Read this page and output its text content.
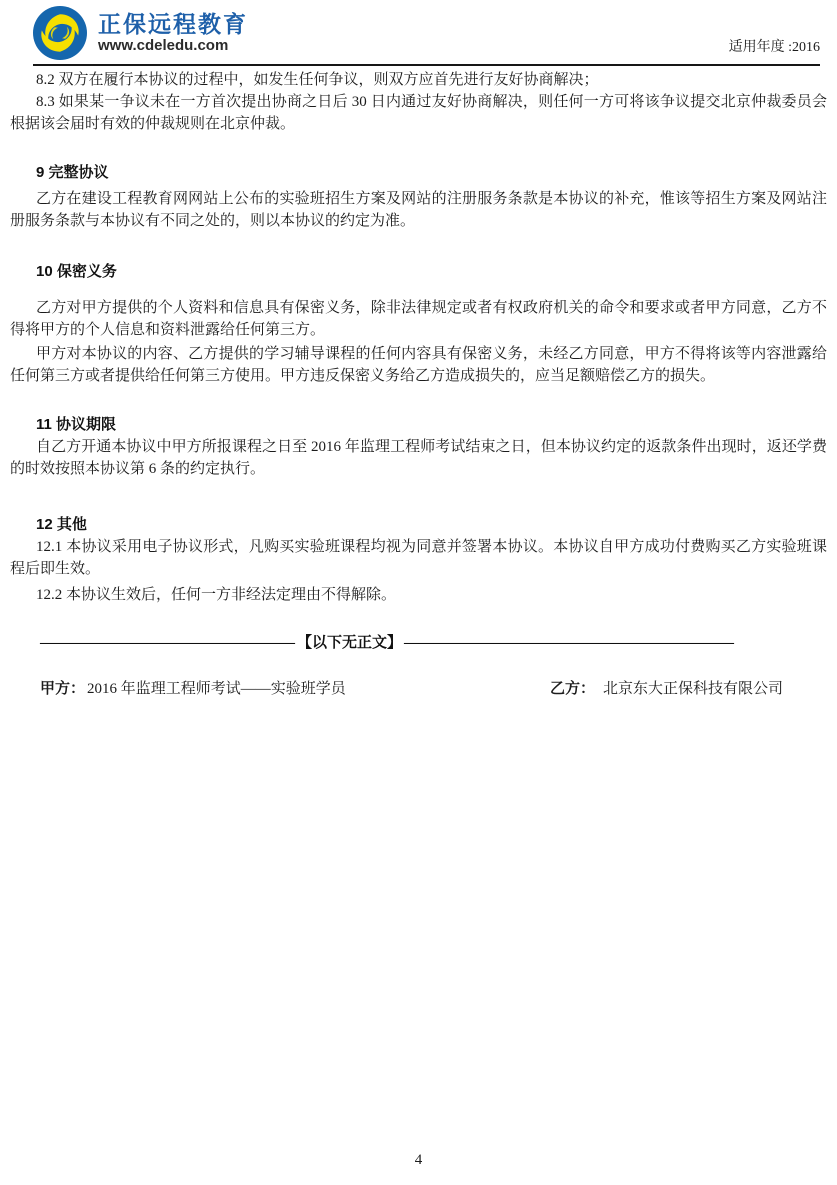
正保远程教育
www.cdeledu.com	适用年度 :2016

8.2 双方在履行本协议的过程中，如发生任何争议，则双方应首先进行友好协商解决；

8.3 如果某一争议未在一方首次提出协商之日后 30 日内通过友好协商解决，则任何一方可将该争议提交北京仲裁委员会根据该会届时有效的仲裁规则在北京仲裁。

9 完整协议

乙方在建设工程教育网网站上公布的实验班招生方案及网站的注册服务条款是本协议的补充，惟该等招生方案及网站注册服务条款与本协议有不同之处的，则以本协议的约定为准。

10 保密义务

乙方对甲方提供的个人资料和信息具有保密义务，除非法律规定或者有权政府机关的命令和要求或者甲方同意，乙方不得将甲方的个人信息和资料泄露给任何第三方。

甲方对本协议的内容、乙方提供的学习辅导课程的任何内容具有保密义务，未经乙方同意，甲方不得将该等内容泄露给任何第三方或者提供给任何第三方使用。甲方违反保密义务给乙方造成损失的，应当足额赔偿乙方的损失。

11 协议期限

自乙方开通本协议中甲方所报课程之日至 2016 年监理工程师考试结束之日，但本协议约定的返款条件出现时，返还学费的时效按照本协议第 6 条的约定执行。

12 其他

12.1 本协议采用电子协议形式，凡购买实验班课程均视为同意并签署本协议。本协议自甲方成功付费购买乙方实验班课程后即生效。

12.2 本协议生效后，任何一方非经法定理由不得解除。

————————————————— 【以下无正文】 ——————————————————————
甲方： 2016 年监理工程师考试——实验班学员	乙方： 北京东大正保科技有限公司
4
